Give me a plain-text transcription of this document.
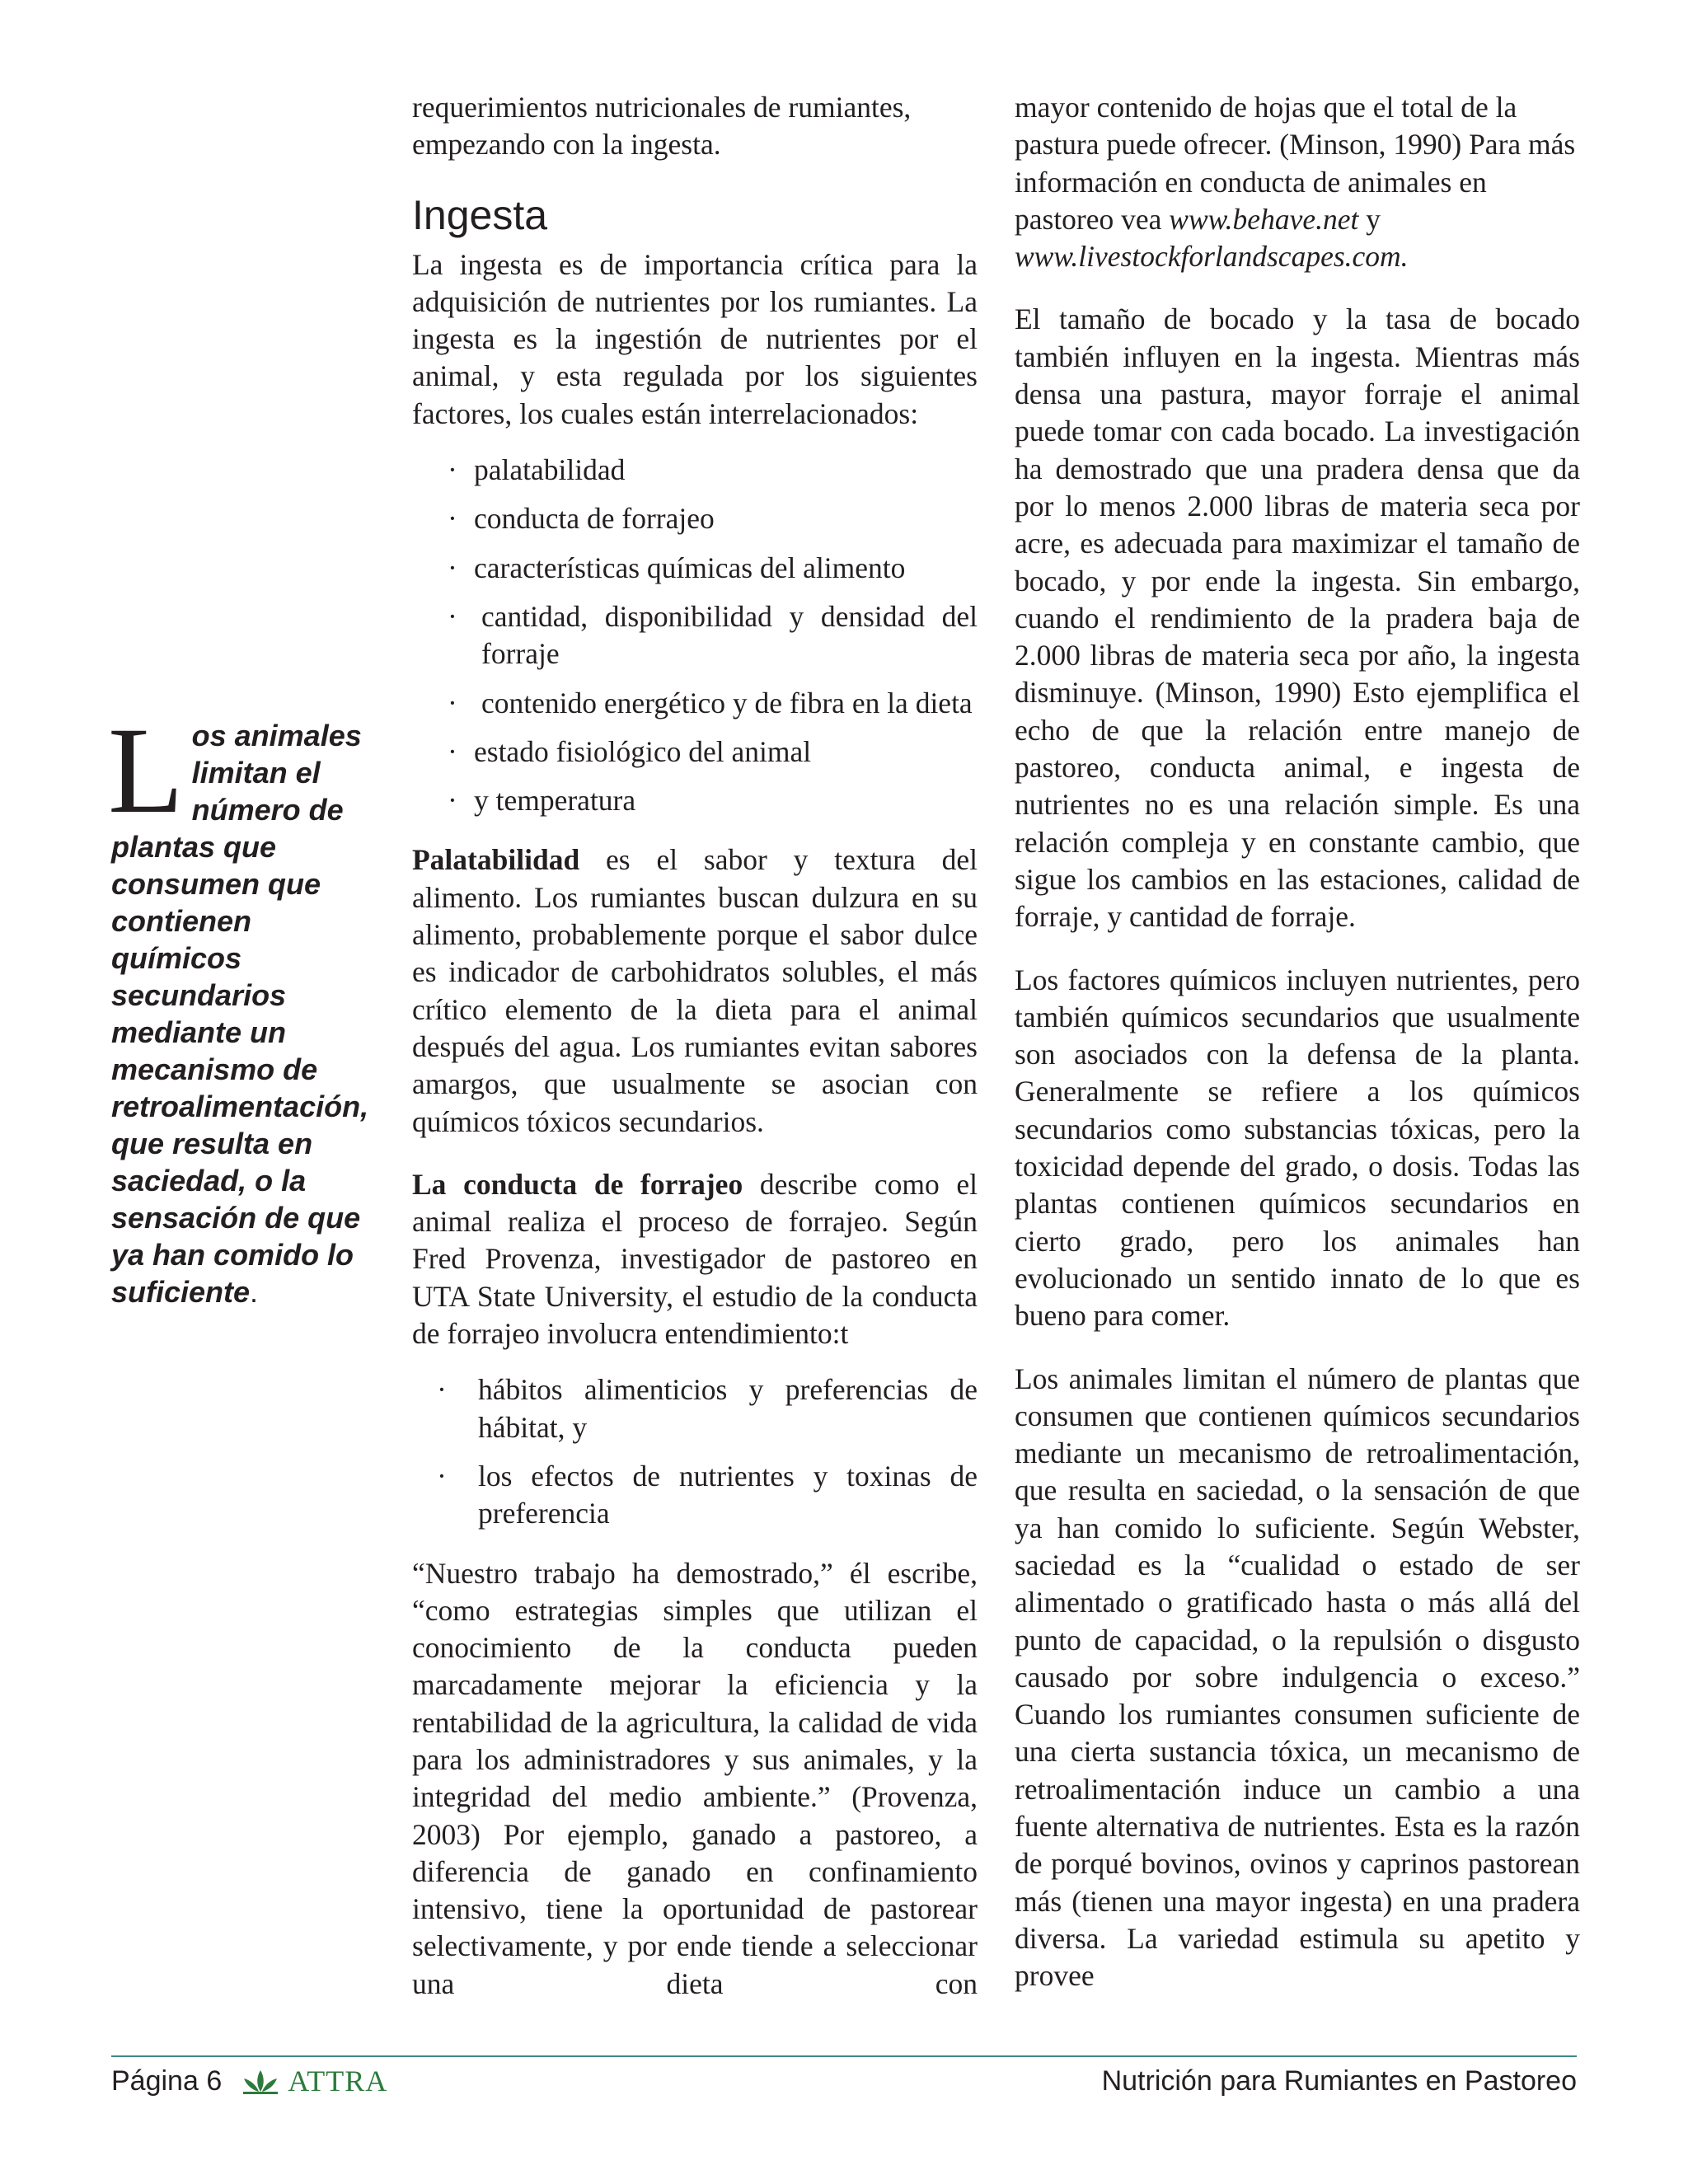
Los animales limitan el número de plantas que consumen que contienen químicos secundarios mediante un mecanismo de retroalimentación, que resulta en saciedad, o la sensación de que ya han comido lo suficiente.

requerimientos nutricionales de rumiantes, empezando con la ingesta.

Ingesta

La ingesta es de importancia crítica para la adquisición de nutrientes por los rumiantes. La ingesta es la ingestión de nutrientes por el animal, y esta regulada por los siguientes factores, los cuales están interrelacionados:

· palatabilidad
· conducta de forrajeo
· características químicas del alimento
· cantidad, disponibilidad y densidad del forraje
· contenido energético y de fibra en la dieta
· estado fisiológico del animal
· y temperatura

Palatabilidad es el sabor y textura del alimento. Los rumiantes buscan dulzura en su alimento, probablemente porque el sabor dulce es indicador de carbohidratos solubles, el más crítico elemento de la dieta para el animal después del agua. Los rumiantes evitan sabores amargos, que usualmente se asocian con químicos tóxicos secundarios.

La conducta de forrajeo describe como el animal realiza el proceso de forrajeo. Según Fred Provenza, investigador de pastoreo en UTA State University, el estudio de la conducta de forrajeo involucra entendimiento:t

· hábitos alimenticios y preferencias de hábitat, y
· los efectos de nutrientes y toxinas de preferencia

“Nuestro trabajo ha demostrado,” él escribe, “como estrategias simples que utilizan el conocimiento de la conducta pueden marcadamente mejorar la eficiencia y la rentabilidad de la agricultura, la calidad de vida para los administradores y sus animales, y la integridad del medio ambiente.” (Provenza, 2003) Por ejemplo, ganado a pastoreo, a diferencia de ganado en confinamiento intensivo, tiene la oportunidad de pastorear selectivamente, y por ende tiende a seleccionar una dieta con

mayor contenido de hojas que el total de la pastura puede ofrecer. (Minson, 1990) Para más información en conducta de animales en pastoreo vea www.behave.net y www.livestockforlandscapes.com.

El tamaño de bocado y la tasa de bocado también influyen en la ingesta. Mientras más densa una pastura, mayor forraje el animal puede tomar con cada bocado. La investigación ha demostrado que una pradera densa que da por lo menos 2.000 libras de materia seca por acre, es adecuada para maximizar el tamaño de bocado, y por ende la ingesta. Sin embargo, cuando el rendimiento de la pradera baja de 2.000 libras de materia seca por año, la ingesta disminuye. (Minson, 1990) Esto ejemplifica el echo de que la relación entre manejo de pastoreo, conducta animal, e ingesta de nutrientes no es una relación simple. Es una relación compleja y en constante cambio, que sigue los cambios en las estaciones, calidad de forraje, y cantidad de forraje.

Los factores químicos incluyen nutrientes, pero también químicos secundarios que usualmente son asociados con la defensa de la planta. Generalmente se refiere a los químicos secundarios como substancias tóxicas, pero la toxicidad depende del grado, o dosis. Todas las plantas contienen químicos secundarios en cierto grado, pero los animales han evolucionado un sentido innato de lo que es bueno para comer.

Los animales limitan el número de plantas que consumen que contienen químicos secundarios mediante un mecanismo de retroalimentación, que resulta en saciedad, o la sensación de que ya han comido lo suficiente. Según Webster, saciedad es la “cualidad o estado de ser alimentado o gratificado hasta o más allá del punto de capacidad, o la repulsión o disgusto causado por sobre indulgencia o exceso.” Cuando los rumiantes consumen suficiente de una cierta sustancia tóxica, un mecanismo de retroalimentación induce un cambio a una fuente alternativa de nutrientes. Esta es la razón de porqué bovinos, ovinos y caprinos pastorean más (tienen una mayor ingesta) en una pradera diversa. La variedad estimula su apetito y provee

Página 6 ATTRA	Nutrición para Rumiantes en Pastoreo
